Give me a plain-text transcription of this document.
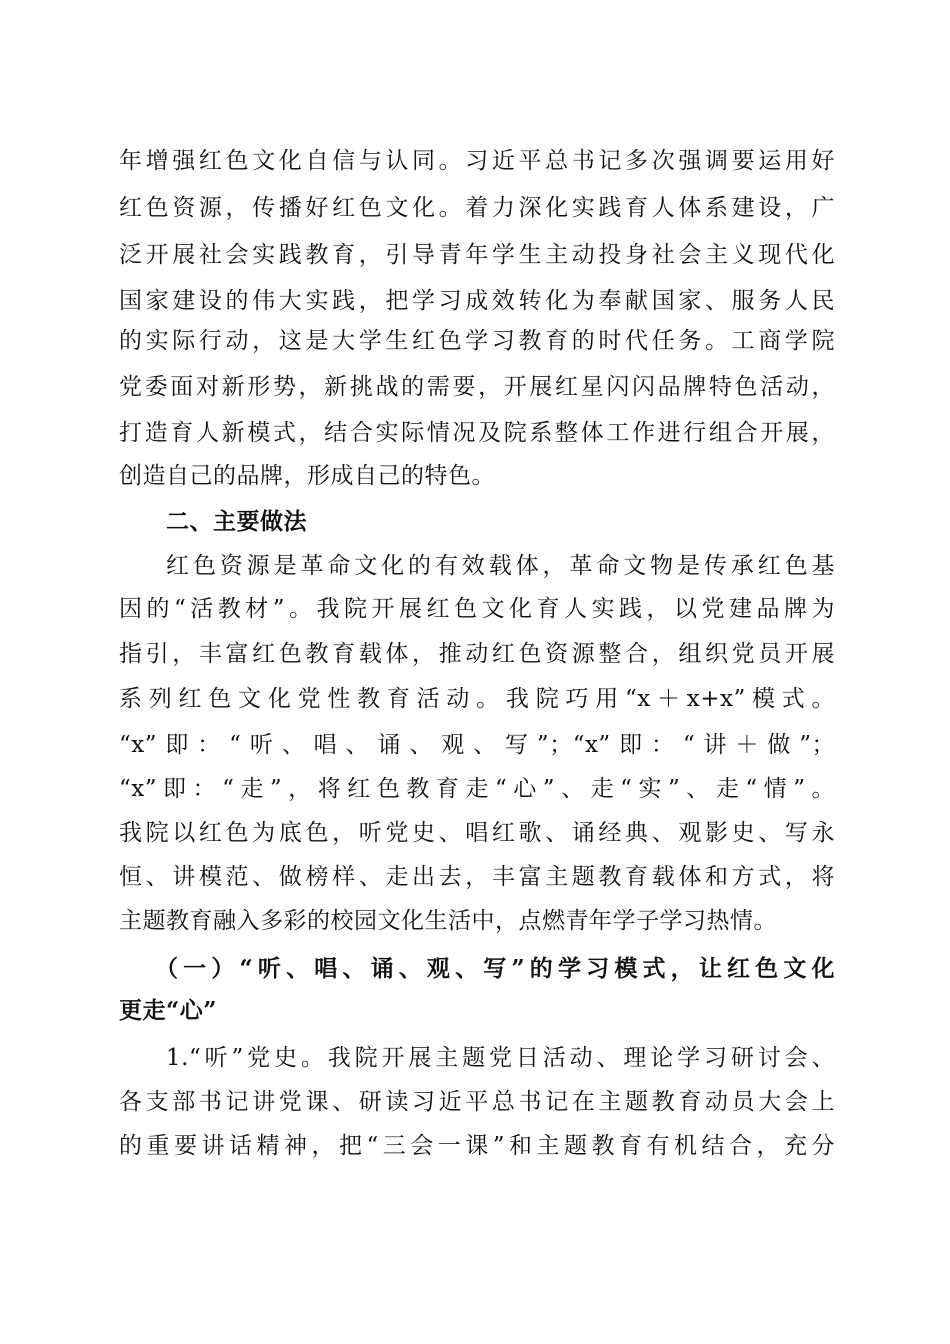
年增强红色文化自信与认同。习近平总书记多次强调要运用好
红色资源，传播好红色文化。着力深化实践育人体系建设，广
泛开展社会实践教育，引导青年学生主动投身社会主义现代化
国家建设的伟大实践，把学习成效转化为奉献国家、服务人民
的实际行动，这是大学生红色学习教育的时代任务。工商学院
党委面对新形势，新挑战的需要，开展红星闪闪品牌特色活动，
打造育人新模式，结合实际情况及院系整体工作进行组合开展，
创造自己的品牌，形成自己的特色。
二、主要做法
红色资源是革命文化的有效载体，革命文物是传承红色基
因的“活教材”。我院开展红色文化育人实践，以党建品牌为
指引，丰富红色教育载体，推动红色资源整合，组织党员开展
系列红色文化党性教育活动。我院巧用“x＋x+x”模式。
“x”即：“听、唱、诵、观、写”；“x”即：“讲＋做”；
“x”即：“走”，将红色教育走“心”、走“实”、走“情”。
我院以红色为底色，听党史、唱红歌、诵经典、观影史、写永
恒、讲模范、做榜样、走出去，丰富主题教育载体和方式，将
主题教育融入多彩的校园文化生活中，点燃青年学子学习热情。
（一）“听、唱、诵、观、写”的学习模式，让红色文化
更走“心”
1.“听”党史。我院开展主题党日活动、理论学习研讨会、
各支部书记讲党课、研读习近平总书记在主题教育动员大会上
的重要讲话精神，把“三会一课”和主题教育有机结合，充分
